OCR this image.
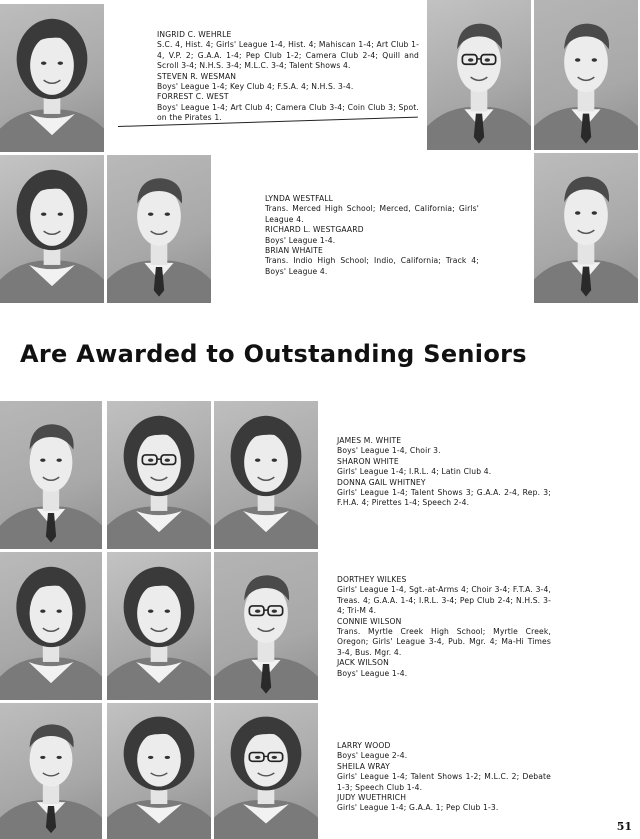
INGRID C. WEHRLE
S.C. 4, Hist. 4; Girls' League 1-4, Hist. 4; Mahiscan 1-4; Art Club 1-4, V.P. 2; G.A.A. 1-4; Pep Club 1-2; Camera Club 2-4; Quill and Scroll 3-4; N.H.S. 3-4; M.L.C. 3-4; Talent Shows 4.
STEVEN R. WESMAN
Boys' League 1-4; Key Club 4; F.S.A. 4; N.H.S. 3-4.
FORREST C. WEST
Boys' League 1-4; Art Club 4; Camera Club 3-4; Coin Club 3; Spot. on the Pirates 1.
LYNDA WESTFALL
Trans. Merced High School; Merced, California; Girls' League 4.
RICHARD L. WESTGAARD
Boys' League 1-4.
BRIAN WHAITE
Trans. Indio High School; Indio, California; Track 4; Boys' League 4.
JAMES M. WHITE
Boys' League 1-4, Choir 3.
SHARON WHITE
Girls' League 1-4; I.R.L. 4; Latin Club 4.
DONNA GAIL WHITNEY
Girls' League 1-4; Talent Shows 3; G.A.A. 2-4, Rep. 3; F.H.A. 4; Pirettes 1-4; Speech 2-4.
DORTHEY WILKES
Girls' League 1-4, Sgt.-at-Arms 4; Choir 3-4; F.T.A. 3-4, Treas. 4; G.A.A. 1-4; I.R.L. 3-4; Pep Club 2-4; N.H.S. 3-4; Tri-M 4.
CONNIE WILSON
Trans. Myrtle Creek High School; Myrtle Creek, Oregon; Girls' League 3-4, Pub. Mgr. 4; Ma-Hi Times 3-4, Bus. Mgr. 4.
JACK WILSON
Boys' League 1-4.
LARRY WOOD
Boys' League 2-4.
SHEILA WRAY
Girls' League 1-4; Talent Shows 1-2; M.L.C. 2; Debate 1-3; Speech Club 1-4.
JUDY WUETHRICH
Girls' League 1-4; G.A.A. 1; Pep Club 1-3.
Are Awarded to Outstanding Seniors
51
